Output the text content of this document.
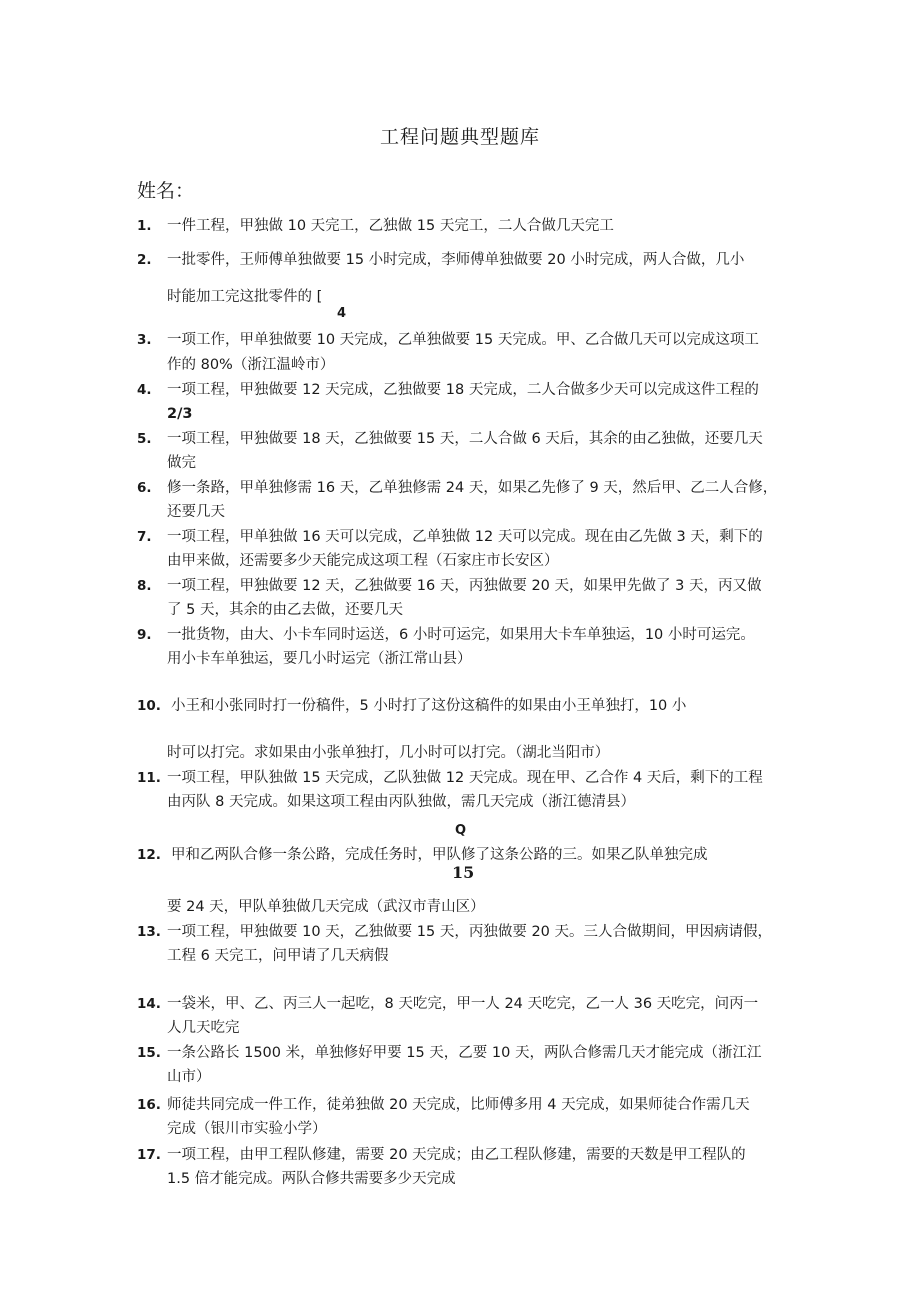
工程问题典型题库
姓名：
1. 一件工程，甲独做 10 天完工，乙独做 15 天完工，二人合做几天完工
2. 一批零件，王师傅单独做要 15 小时完成，李师傅单独做要 20 小时完成，两人合做，几小
时能加工完这批零件的 [
4
3. 一项工作，甲单独做要 10 天完成，乙单独做要 15 天完成。甲、乙合做几天可以完成这项工
作的 80%（浙江温岭市）
4. 一项工程，甲独做要 12 天完成，乙独做要 18 天完成，二人合做多少天可以完成这件工程的
2/3
5. 一项工程，甲独做要 18 天，乙独做要 15 天，二人合做 6 天后，其余的由乙独做，还要几天
做完
6. 修一条路，甲单独修需 16 天，乙单独修需 24 天，如果乙先修了 9 天，然后甲、乙二人合修，
还要几天
7. 一项工程，甲单独做 16 天可以完成，乙单独做 12 天可以完成。现在由乙先做 3 天，剩下的
由甲来做，还需要多少天能完成这项工程（石家庄市长安区）
8. 一项工程，甲独做要 12 天，乙独做要 16 天，丙独做要 20 天，如果甲先做了 3 天，丙又做
了 5 天，其余的由乙去做，还要几天
9. 一批货物，由大、小卡车同时运送，6 小时可运完，如果用大卡车单独运，10 小时可运完。
用小卡车单独运，要几小时运完（浙江常山县）
10. 小王和小张同时打一份稿件，5 小时打了这份这稿件的如果由小王单独打，10 小
时可以打完。求如果由小张单独打，几小时可以打完。（湖北当阳市）
11. 一项工程，甲队独做 15 天完成，乙队独做 12 天完成。现在甲、乙合作 4 天后，剩下的工程
由丙队 8 天完成。如果这项工程由丙队独做，需几天完成（浙江德清县）
Q
12. 甲和乙两队合修一条公路，完成任务时，甲队修了这条公路的三。如果乙队单独完成
15
要 24 天，甲队单独做几天完成（武汉市青山区）
13. 一项工程，甲独做要 10 天，乙独做要 15 天，丙独做要 20 天。三人合做期间，甲因病请假，
工程 6 天完工，问甲请了几天病假
14. 一袋米，甲、乙、丙三人一起吃，8 天吃完，甲一人 24 天吃完，乙一人 36 天吃完，问丙一
人几天吃完
15. 一条公路长 1500 米，单独修好甲要 15 天，乙要 10 天，两队合修需几天才能完成（浙江江
山市）
16. 师徒共同完成一件工作，徒弟独做 20 天完成，比师傅多用 4 天完成，如果师徒合作需几天
完成（银川市实验小学）
17. 一项工程，由甲工程队修建，需要 20 天完成；由乙工程队修建，需要的天数是甲工程队的
1.5 倍才能完成。两队合修共需要多少天完成
